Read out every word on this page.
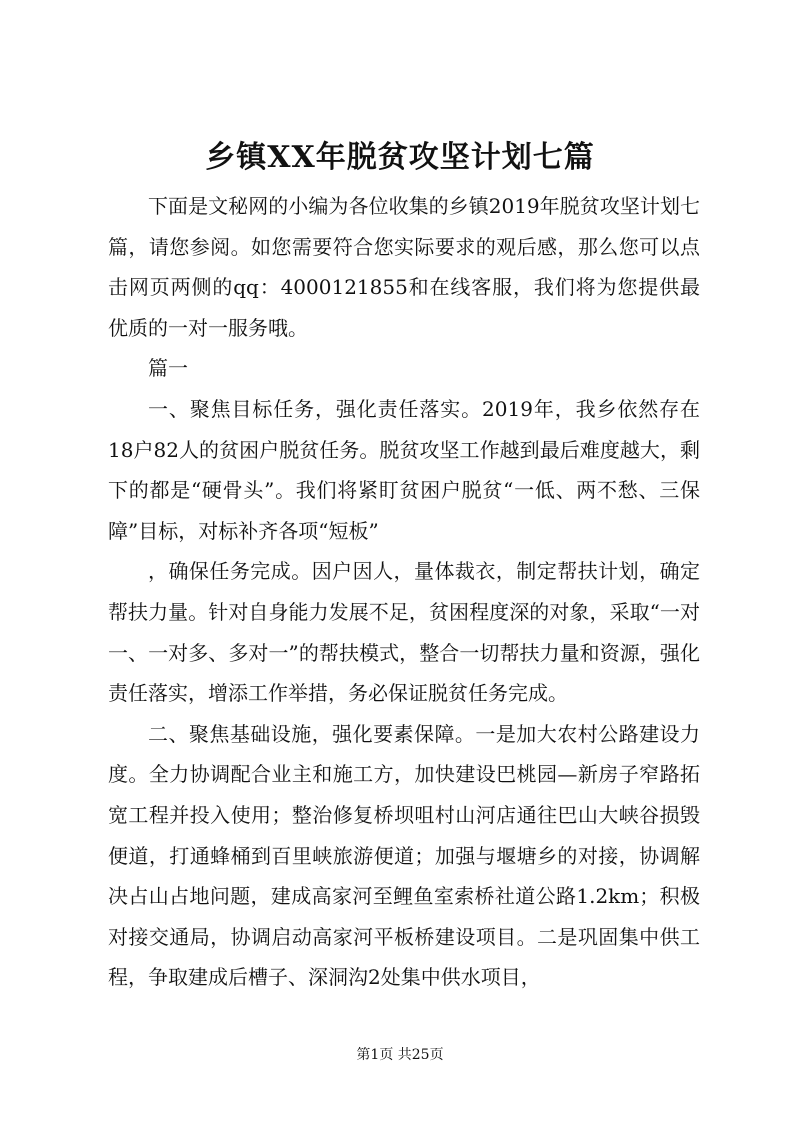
乡镇XX年脱贫攻坚计划七篇

下面是文秘网的小编为各位收集的乡镇2019年脱贫攻坚计划七篇，请您参阅。如您需要符合您实际要求的观后感，那么您可以点击网页两侧的qq：4000121855和在线客服，我们将为您提供最优质的一对一服务哦。

篇一

一、聚焦目标任务，强化责任落实。2019年，我乡依然存在18户82人的贫困户脱贫任务。脱贫攻坚工作越到最后难度越大，剩下的都是“硬骨头”。我们将紧盯贫困户脱贫“一低、两不愁、三保障”目标，对标补齐各项“短板”

，确保任务完成。因户因人，量体裁衣，制定帮扶计划，确定帮扶力量。针对自身能力发展不足，贫困程度深的对象，采取“一对一、一对多、多对一”的帮扶模式，整合一切帮扶力量和资源，强化责任落实，增添工作举措，务必保证脱贫任务完成。

二、聚焦基础设施，强化要素保障。一是加大农村公路建设力度。全力协调配合业主和施工方，加快建设巴桃园—新房子窄路拓宽工程并投入使用；整治修复桥坝咀村山河店通往巴山大峡谷损毁便道，打通蜂桶到百里峡旅游便道；加强与堰塘乡的对接，协调解决占山占地问题，建成高家河至鲤鱼室索桥社道公路1.2km；积极对接交通局，协调启动高家河平板桥建设项目。二是巩固集中供工程，争取建成后槽子、深洞沟2处集中供水项目，

第1页 共25页
